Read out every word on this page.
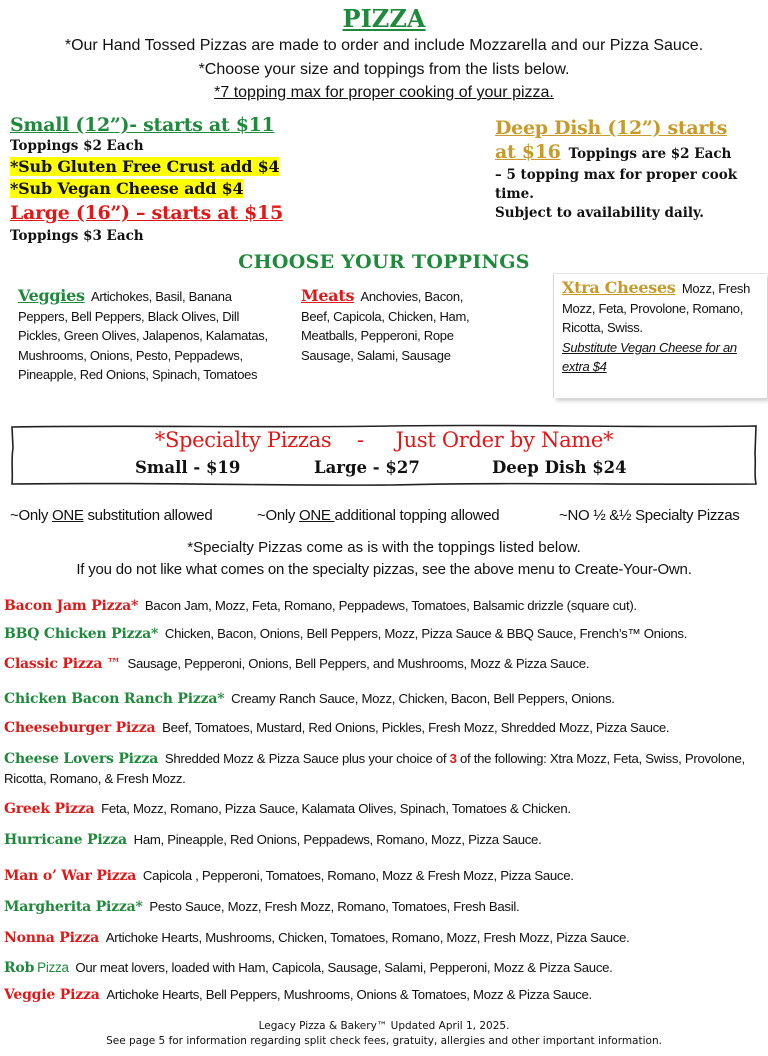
PIZZA
*Our Hand Tossed Pizzas are made to order and include Mozzarella and our Pizza Sauce.
*Choose your size and toppings from the lists below.
*7 topping max for proper cooking of your pizza.
Small (12”)- starts at $11
Toppings $2 Each
*Sub Gluten Free Crust add $4
*Sub Vegan Cheese add $4
Large (16”) – starts at $15
Toppings $3 Each
Deep Dish (12”) starts
at $16 Toppings are $2 Each
– 5 topping max for proper cook time.
Subject to availability daily.
CHOOSE YOUR TOPPINGS
Veggies Artichokes, Basil, Banana Peppers, Bell Peppers, Black Olives, Dill Pickles, Green Olives, Jalapenos, Kalamatas, Mushrooms, Onions, Pesto, Peppadews, Pineapple, Red Onions, Spinach, Tomatoes
Meats Anchovies, Bacon, Beef, Capicola, Chicken, Ham, Meatballs, Pepperoni, Rope Sausage, Salami, Sausage
Xtra Cheeses Mozz, Fresh Mozz, Feta, Provolone, Romano, Ricotta, Swiss.
Substitute Vegan Cheese for an extra $4
*Specialty Pizzas    -     Just Order by Name*
Small - $19	Large - $27	Deep Dish $24
~Only ONE substitution allowed	~Only ONE additional topping allowed	~NO ½ &½ Specialty Pizzas
*Specialty Pizzas come as is with the toppings listed below.
If you do not like what comes on the specialty pizzas, see the above menu to Create-Your-Own.
Bacon Jam Pizza* Bacon Jam, Mozz, Feta, Romano, Peppadews, Tomatoes, Balsamic drizzle (square cut).
BBQ Chicken Pizza* Chicken, Bacon, Onions, Bell Peppers, Mozz, Pizza Sauce & BBQ Sauce, French’s™ Onions.
Classic Pizza ™ Sausage, Pepperoni, Onions, Bell Peppers, and Mushrooms, Mozz & Pizza Sauce.
Chicken Bacon Ranch Pizza* Creamy Ranch Sauce, Mozz, Chicken, Bacon, Bell Peppers, Onions.
Cheeseburger Pizza Beef, Tomatoes, Mustard, Red Onions, Pickles, Fresh Mozz, Shredded Mozz, Pizza Sauce.
Cheese Lovers Pizza Shredded Mozz & Pizza Sauce plus your choice of 3 of the following: Xtra Mozz, Feta, Swiss, Provolone, Ricotta, Romano, & Fresh Mozz.
Greek Pizza Feta, Mozz, Romano, Pizza Sauce, Kalamata Olives, Spinach, Tomatoes & Chicken.
Hurricane Pizza Ham, Pineapple, Red Onions, Peppadews, Romano, Mozz, Pizza Sauce.
Man o’ War Pizza Capicola , Pepperoni, Tomatoes, Romano, Mozz & Fresh Mozz, Pizza Sauce.
Margherita Pizza* Pesto Sauce, Mozz, Fresh Mozz, Romano, Tomatoes, Fresh Basil.
Nonna Pizza Artichoke Hearts, Mushrooms, Chicken, Tomatoes, Romano, Mozz, Fresh Mozz, Pizza Sauce.
Rob Pizza Our meat lovers, loaded with Ham, Capicola, Sausage, Salami, Pepperoni, Mozz & Pizza Sauce.
Veggie Pizza Artichoke Hearts, Bell Peppers, Mushrooms, Onions & Tomatoes, Mozz & Pizza Sauce.
Legacy Pizza & Bakery™ Updated April 1, 2025.
See page 5 for information regarding split check fees, gratuity, allergies and other important information.
